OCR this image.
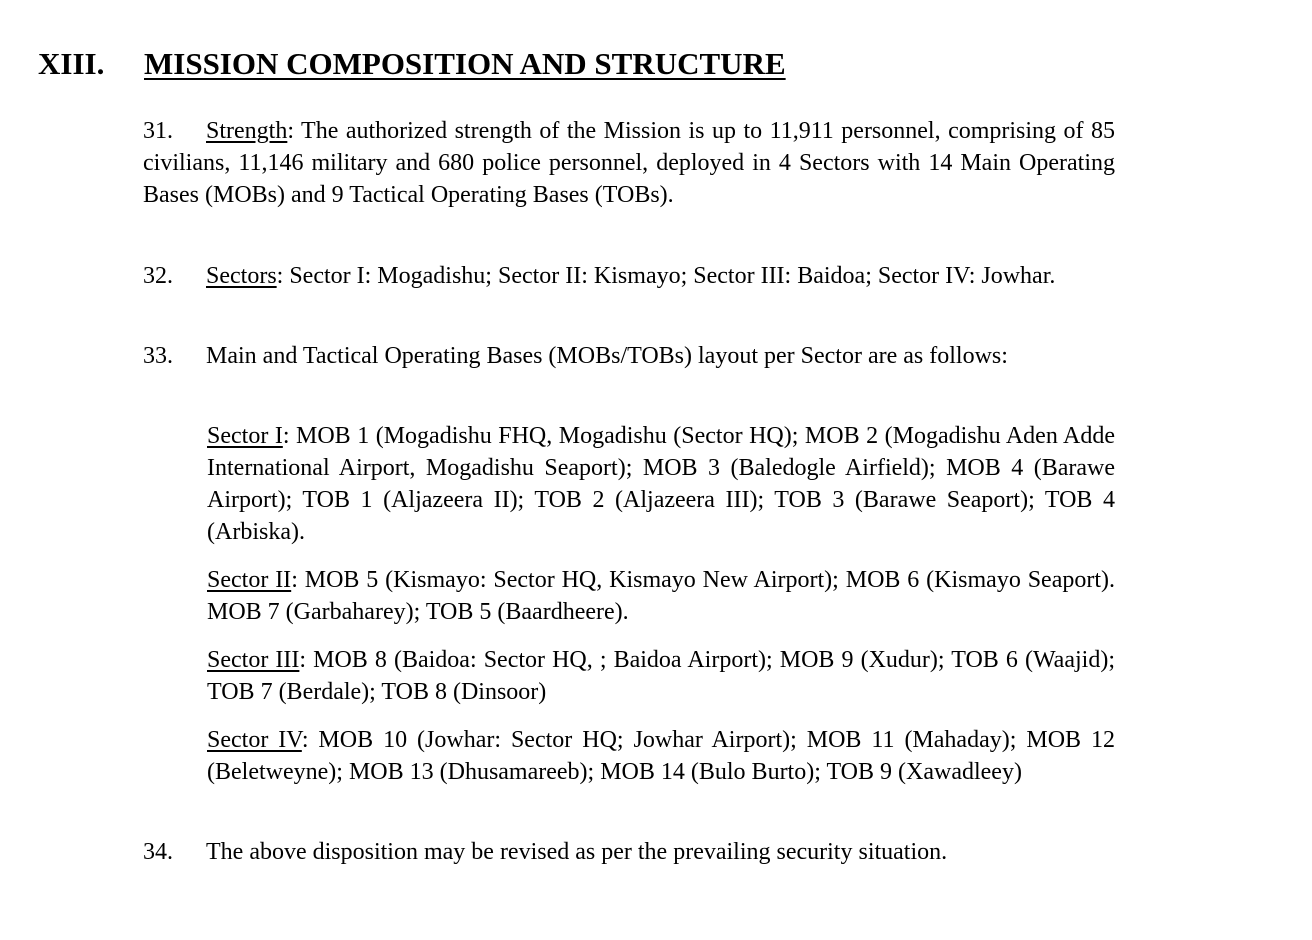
XIII. MISSION COMPOSITION AND STRUCTURE

31. Strength: The authorized strength of the Mission is up to 11,911 personnel, comprising of 85 civilians, 11,146 military and 680 police personnel, deployed in 4 Sectors with 14 Main Operating Bases (MOBs) and 9 Tactical Operating Bases (TOBs).

32. Sectors: Sector I: Mogadishu; Sector II: Kismayo; Sector III: Baidoa; Sector IV: Jowhar.

33. Main and Tactical Operating Bases (MOBs/TOBs) layout per Sector are as follows:

Sector I: MOB 1 (Mogadishu FHQ, Mogadishu (Sector HQ); MOB 2 (Mogadishu Aden Adde International Airport, Mogadishu Seaport); MOB 3 (Baledogle Airfield); MOB 4 (Barawe Airport); TOB 1 (Aljazeera II); TOB 2 (Aljazeera III); TOB 3 (Barawe Seaport); TOB 4 (Arbiska).

Sector II: MOB 5 (Kismayo: Sector HQ, Kismayo New Airport); MOB 6 (Kismayo Seaport). MOB 7 (Garbaharey); TOB 5 (Baardheere).

Sector III: MOB 8 (Baidoa: Sector HQ, ; Baidoa Airport); MOB 9 (Xudur); TOB 6 (Waajid); TOB 7 (Berdale); TOB 8 (Dinsoor)

Sector IV: MOB 10 (Jowhar: Sector HQ; Jowhar Airport); MOB 11 (Mahaday); MOB 12 (Beletweyne); MOB 13 (Dhusamareeb); MOB 14 (Bulo Burto); TOB 9 (Xawadleey)

34. The above disposition may be revised as per the prevailing security situation.
